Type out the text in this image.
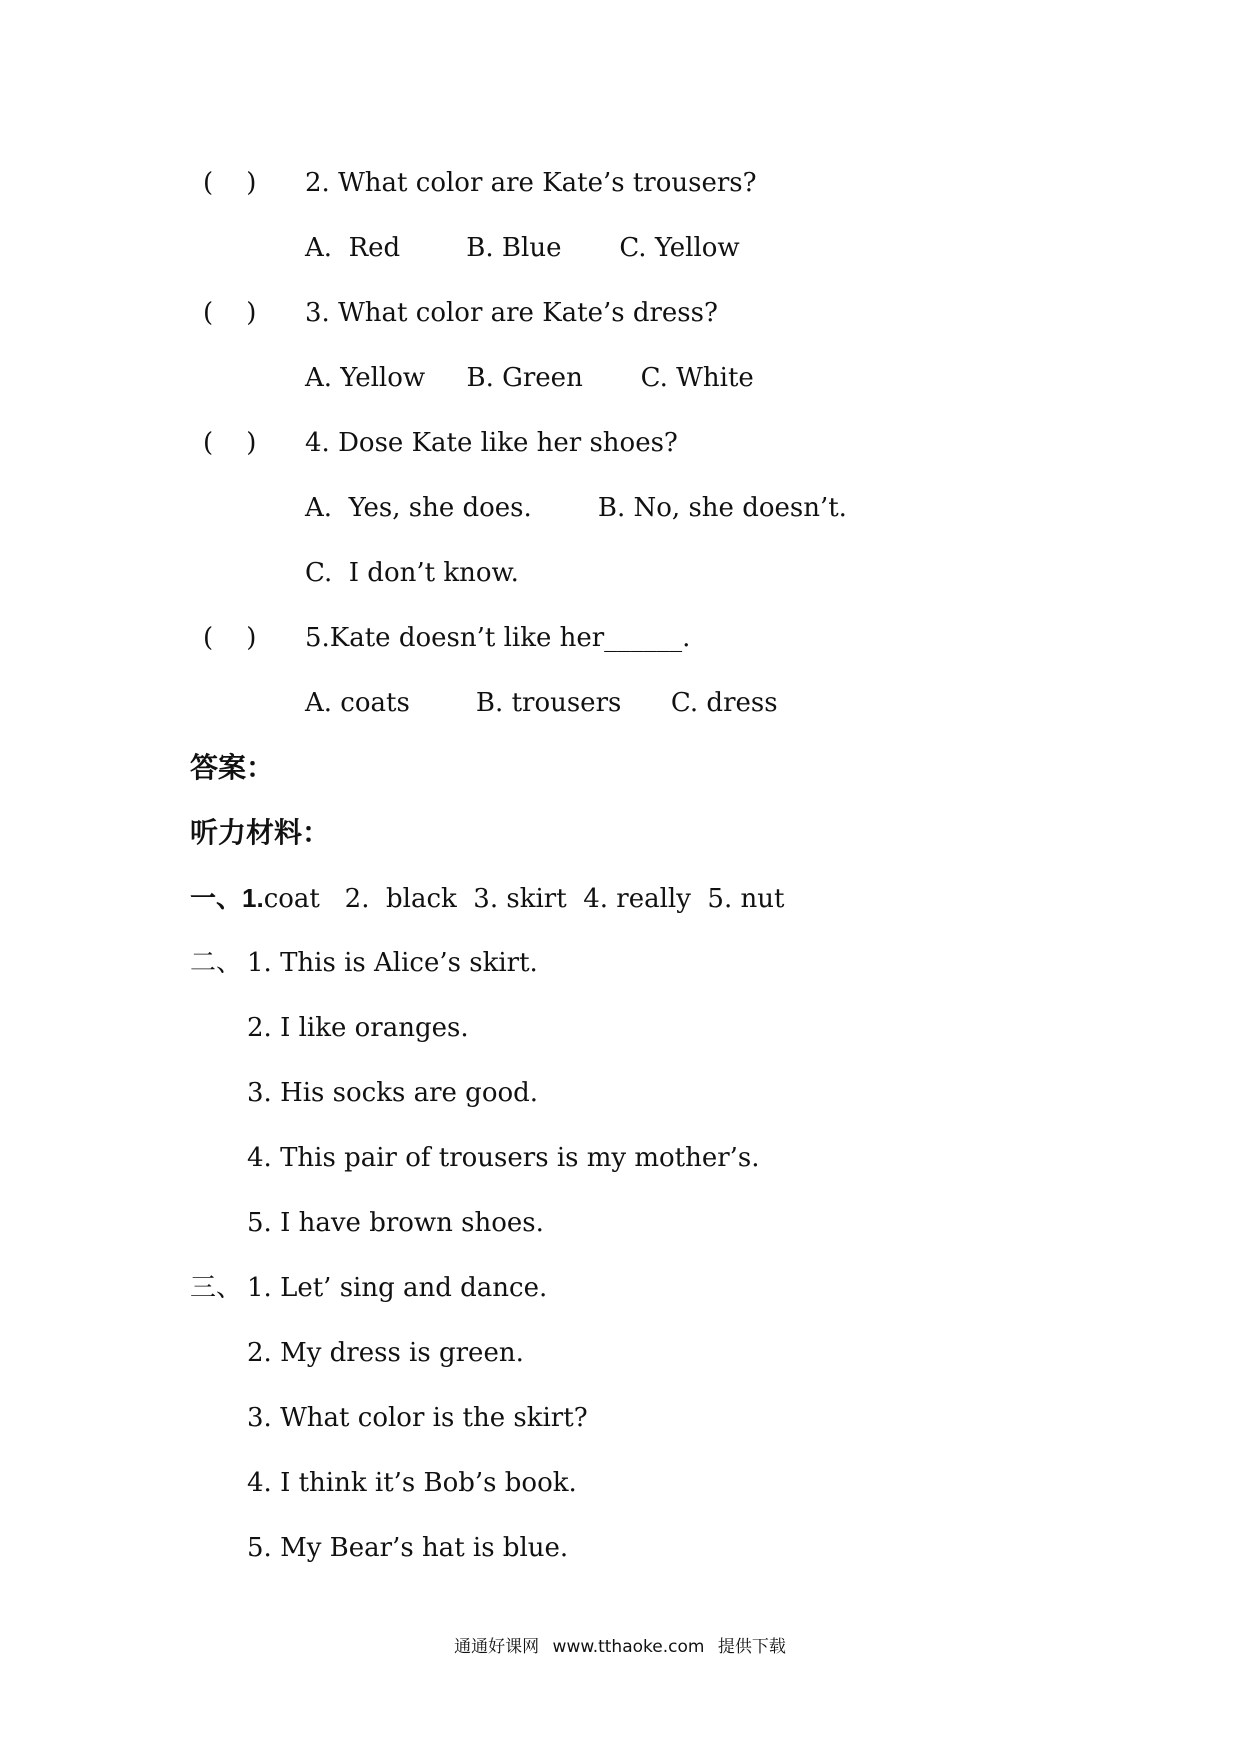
(    ) 2. What color are Kate’s trousers?
A.  Red        B. Blue       C. Yellow
(    ) 3. What color are Kate’s dress?
A. Yellow     B. Green       C. White
(    ) 4. Dose Kate like her shoes?
A.  Yes, she does.        B. No, she doesn’t.
C.  I don’t know.
(    ) 5.Kate doesn’t like her______.
A. coats        B. trousers      C. dress
答案：
听力材料：
一、1.coat   2.  black  3. skirt  4. really  5. nut
二、 1. This is Alice’s skirt.
2. I like oranges.
3. His socks are good.
4. This pair of trousers is my mother’s.
5. I have brown shoes.
三、 1. Let’ sing and dance.
2. My dress is green.
3. What color is the skirt?
4. I think it’s Bob’s book.
5. My Bear’s hat is blue.
通通好课网 www.tthaoke.com 提供下载
